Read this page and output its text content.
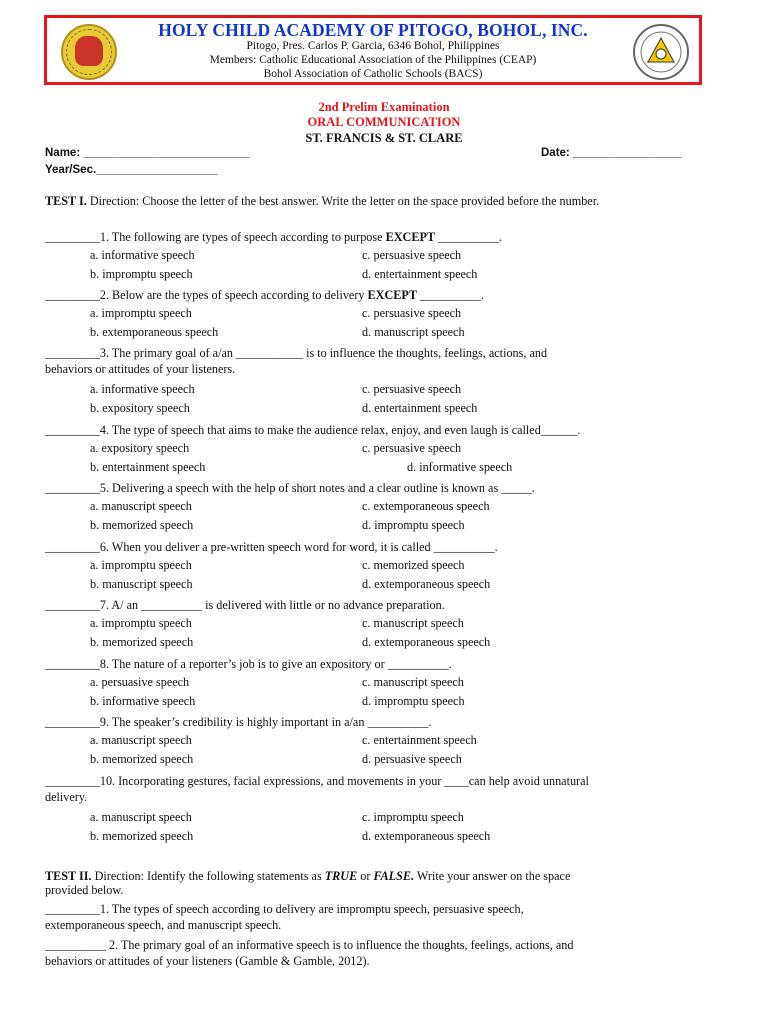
HOLY CHILD ACADEMY OF PITOGO, BOHOL, INC.
Pitogo, Pres. Carlos P. Garcia, 6346 Bohol, Philippines
Members: Catholic Educational Association of the Philippines (CEAP)
Bohol Association of Catholic Schools (BACS)
2nd Prelim Examination
ORAL COMMUNICATION
ST. FRANCIS & ST. CLARE
Name: __________________________	Date: _________________
Year/Sec.___________________
TEST I. Direction: Choose the letter of the best answer. Write the letter on the space provided before the number.
_________1. The following are types of speech according to purpose EXCEPT __________.
a. informative speech	c. persuasive speech
b. impromptu speech	d. entertainment speech
_________2. Below are the types of speech according to delivery EXCEPT __________.
a. impromptu speech	c. persuasive speech
b. extemporaneous speech	d. manuscript speech
_________3. The primary goal of a/an ___________ is to influence the thoughts, feelings, actions, and
behaviors or attitudes of your listeners.
a. informative speech	c. persuasive speech
b. expository speech	d. entertainment speech
_________4. The type of speech that aims to make the audience relax, enjoy, and even laugh is called______.
a. expository speech	c. persuasive speech
b. entertainment speech	d. informative speech
_________5. Delivering a speech with the help of short notes and a clear outline is known as _____.
a. manuscript speech	c. extemporaneous speech
b. memorized speech	d. impromptu speech
_________6. When you deliver a pre-written speech word for word, it is called __________.
a. impromptu speech	c. memorized speech
b. manuscript speech	d. extemporaneous speech
_________7. A/ an __________ is delivered with little or no advance preparation.
a. impromptu speech	c. manuscript speech
b. memorized speech	d. extemporaneous speech
_________8. The nature of a reporter’s job is to give an expository or __________.
a. persuasive speech	c. manuscript speech
b. informative speech	d. impromptu speech
_________9. The speaker’s credibility is highly important in a/an __________.
a. manuscript speech	c. entertainment speech
b. memorized speech	d. persuasive speech
_________10. Incorporating gestures, facial expressions, and movements in your ____can help avoid unnatural
delivery.
a. manuscript speech	c. impromptu speech
b. memorized speech	d. extemporaneous speech
TEST II. Direction: Identify the following statements as TRUE or FALSE. Write your answer on the space
provided below.
_________1. The types of speech according to delivery are impromptu speech, persuasive speech,
extemporaneous speech, and manuscript speech.
__________ 2. The primary goal of an informative speech is to influence the thoughts, feelings, actions, and
behaviors or attitudes of your listeners (Gamble & Gamble, 2012).
